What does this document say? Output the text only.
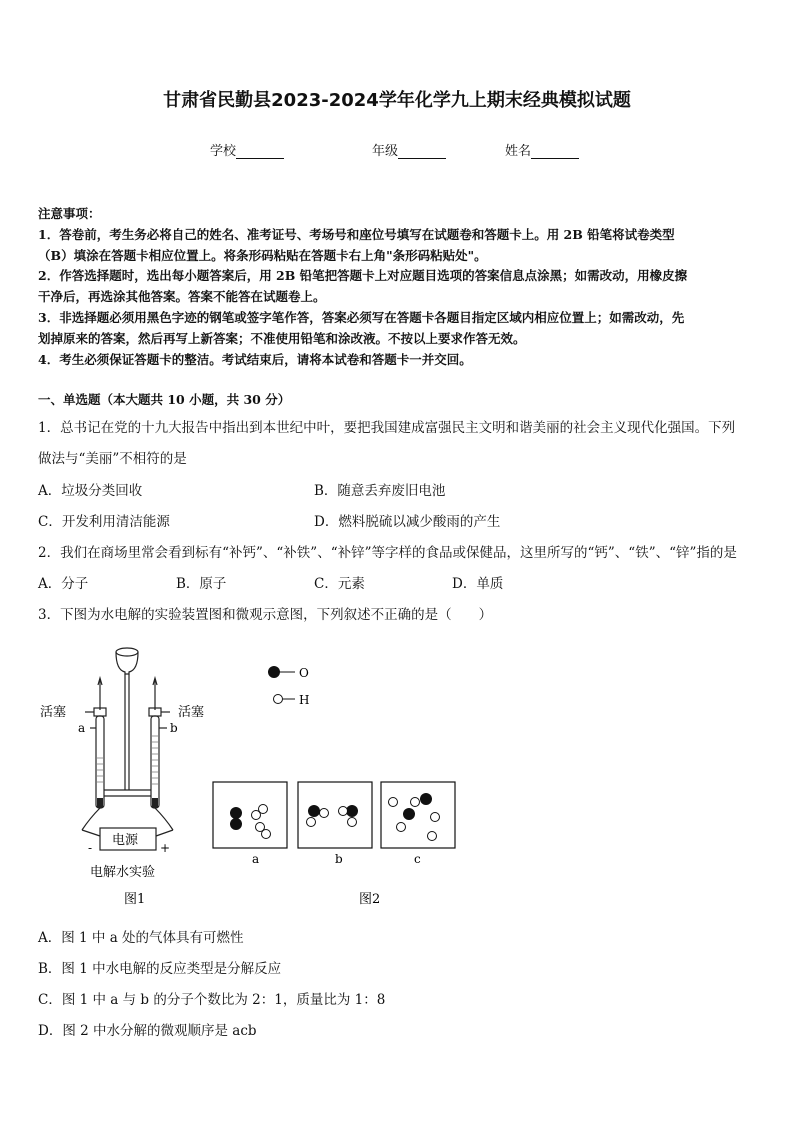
甘肃省民勤县2023-2024学年化学九上期末经典模拟试题
学校	年级	姓名
注意事项：
1．答卷前，考生务必将自己的姓名、准考证号、考场号和座位号填写在试题卷和答题卡上。用 2B 铅笔将试卷类型
（B）填涂在答题卡相应位置上。将条形码粘贴在答题卡右上角"条形码粘贴处"。
2．作答选择题时，选出每小题答案后，用 2B 铅笔把答题卡上对应题目选项的答案信息点涂黑；如需改动，用橡皮擦
干净后，再选涂其他答案。答案不能答在试题卷上。
3．非选择题必须用黑色字迹的钢笔或签字笔作答，答案必须写在答题卡各题目指定区域内相应位置上；如需改动，先
划掉原来的答案，然后再写上新答案；不准使用铅笔和涂改液。不按以上要求作答无效。
4．考生必须保证答题卡的整洁。考试结束后，请将本试卷和答题卡一并交回。
一、单选题（本大题共 10 小题，共 30 分）
1．总书记在党的十九大报告中指出到本世纪中叶，要把我国建成富强民主文明和谐美丽的社会主义现代化强国。下列
做法与“美丽”不相符的是
A．垃圾分类回收	B．随意丢弃废旧电池
C．开发利用清洁能源	D．燃料脱硫以减少酸雨的产生
2．我们在商场里常会看到标有“补钙”、“补铁”、“补锌”等字样的食品或保健品，这里所写的“钙”、“铁”、“锌”指的是
A．分子	B．原子	C．元素	D．单质
3．下图为水电解的实验装置图和微观示意图，下列叙述不正确的是（　　）
活塞	活塞
a	b
电源
-	+
电解水实验
图1
O
H
a	b	c
图2
A．图 1 中 a 处的气体具有可燃性
B．图 1 中水电解的反应类型是分解反应
C．图 1 中 a 与 b 的分子个数比为 2：1，质量比为 1：8
D．图 2 中水分解的微观顺序是 acb
